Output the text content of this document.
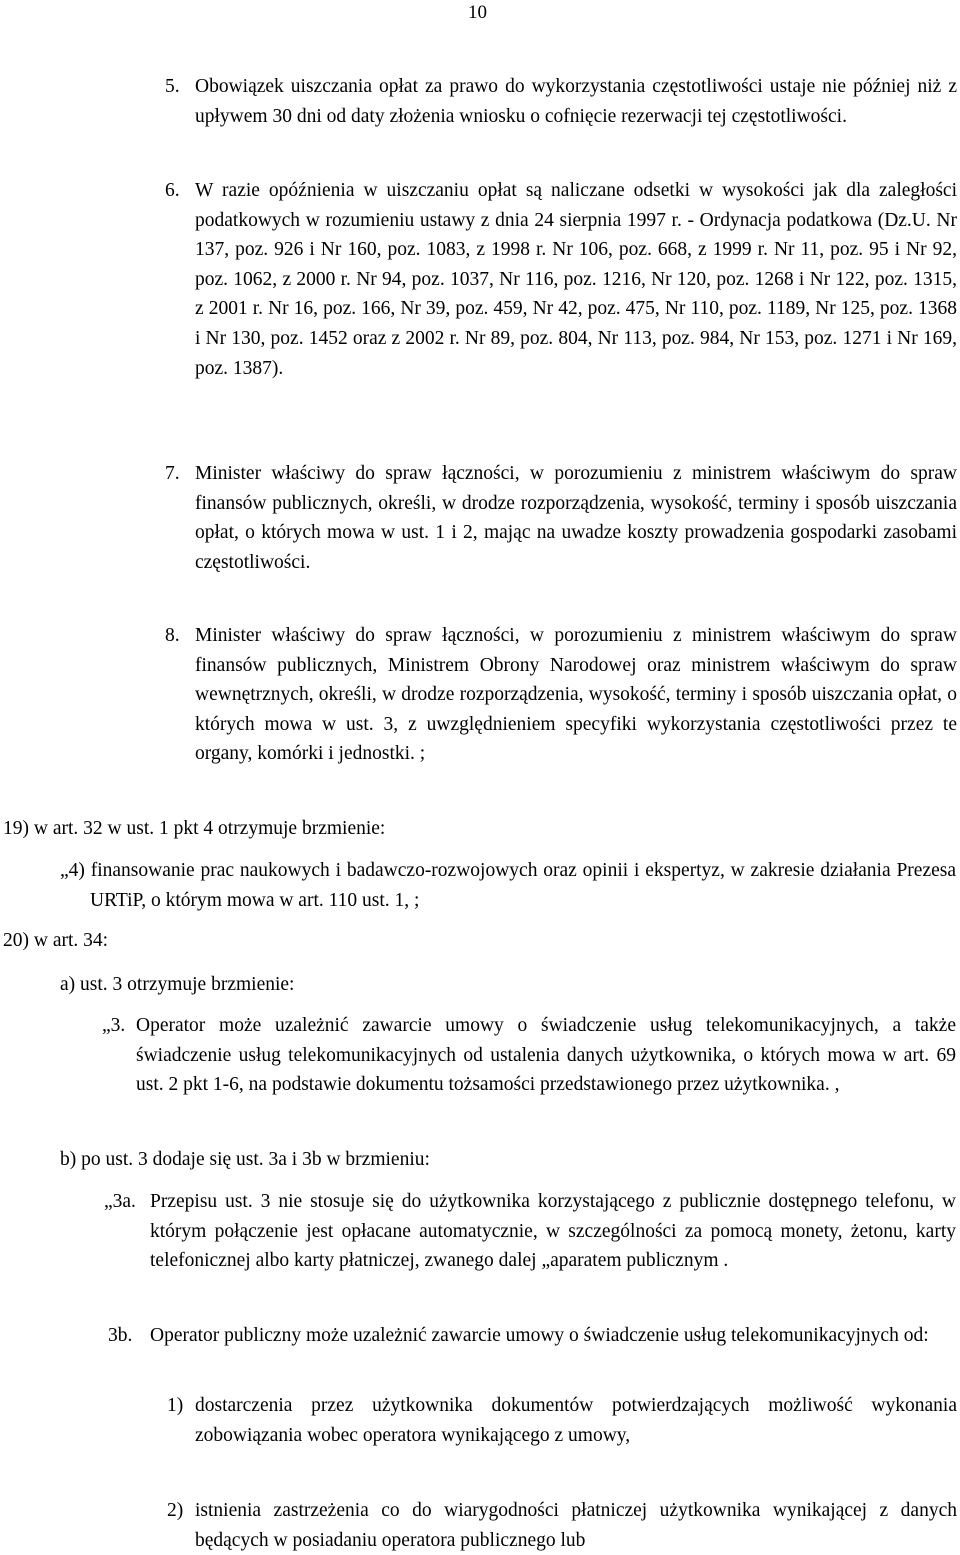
10
5. Obowiązek uiszczania opłat za prawo do wykorzystania częstotliwości ustaje nie później niż z upływem 30 dni od daty złożenia wniosku o cofnięcie rezerwacji tej częstotliwości.
6. W razie opóźnienia w uiszczaniu opłat są naliczane odsetki w wysokości jak dla zaległości podatkowych w rozumieniu ustawy z dnia 24 sierpnia 1997 r. - Ordynacja podatkowa (Dz.U. Nr 137, poz. 926 i Nr 160, poz. 1083, z 1998 r. Nr 106, poz. 668, z 1999 r. Nr 11, poz. 95 i Nr 92, poz. 1062, z 2000 r. Nr 94, poz. 1037, Nr 116, poz. 1216, Nr 120, poz. 1268 i Nr 122, poz. 1315, z 2001 r. Nr 16, poz. 166, Nr 39, poz. 459, Nr 42, poz. 475, Nr 110, poz. 1189, Nr 125, poz. 1368 i Nr 130, poz. 1452 oraz z 2002 r. Nr 89, poz. 804, Nr 113, poz. 984, Nr 153, poz. 1271 i Nr 169, poz. 1387).
7. Minister właściwy do spraw łączności, w porozumieniu z ministrem właściwym do spraw finansów publicznych, określi, w drodze rozporządzenia, wysokość, terminy i sposób uiszczania opłat, o których mowa w ust. 1 i 2, mając na uwadze koszty prowadzenia gospodarki zasobami częstotliwości.
8. Minister właściwy do spraw łączności, w porozumieniu z ministrem właściwym do spraw finansów publicznych, Ministrem Obrony Narodowej oraz ministrem właściwym do spraw wewnętrznych, określi, w drodze rozporządzenia, wysokość, terminy i sposób uiszczania opłat, o których mowa w ust. 3, z uwzględnieniem specyfiki wykorzystania częstotliwości przez te organy, komórki i jednostki. ;
19) w art. 32 w ust. 1 pkt 4 otrzymuje brzmienie:
„4) finansowanie prac naukowych i badawczo-rozwojowych oraz opinii i ekspertyz, w zakresie działania Prezesa URTiP, o którym mowa w art. 110 ust. 1, ;
20) w art. 34:
a) ust. 3 otrzymuje brzmienie:
„3. Operator może uzależnić zawarcie umowy o świadczenie usług telekomunikacyjnych, a także świadczenie usług telekomunikacyjnych od ustalenia danych użytkownika, o których mowa w art. 69 ust. 2 pkt 1-6, na podstawie dokumentu tożsamości przedstawionego przez użytkownika. ,
b) po ust. 3 dodaje się ust. 3a i 3b w brzmieniu:
„3a. Przepisu ust. 3 nie stosuje się do użytkownika korzystającego z publicznie dostępnego telefonu, w którym połączenie jest opłacane automatycznie, w szczególności za pomocą monety, żetonu, karty telefonicznej albo karty płatniczej, zwanego dalej „aparatem publicznym .
3b. Operator publiczny może uzależnić zawarcie umowy o świadczenie usług telekomunikacyjnych od:
1) dostarczenia przez użytkownika dokumentów potwierdzających możliwość wykonania zobowiązania wobec operatora wynikającego z umowy,
2) istnienia zastrzeżenia co do wiarygodności płatniczej użytkownika wynikającej z danych będących w posiadaniu operatora publicznego lub
